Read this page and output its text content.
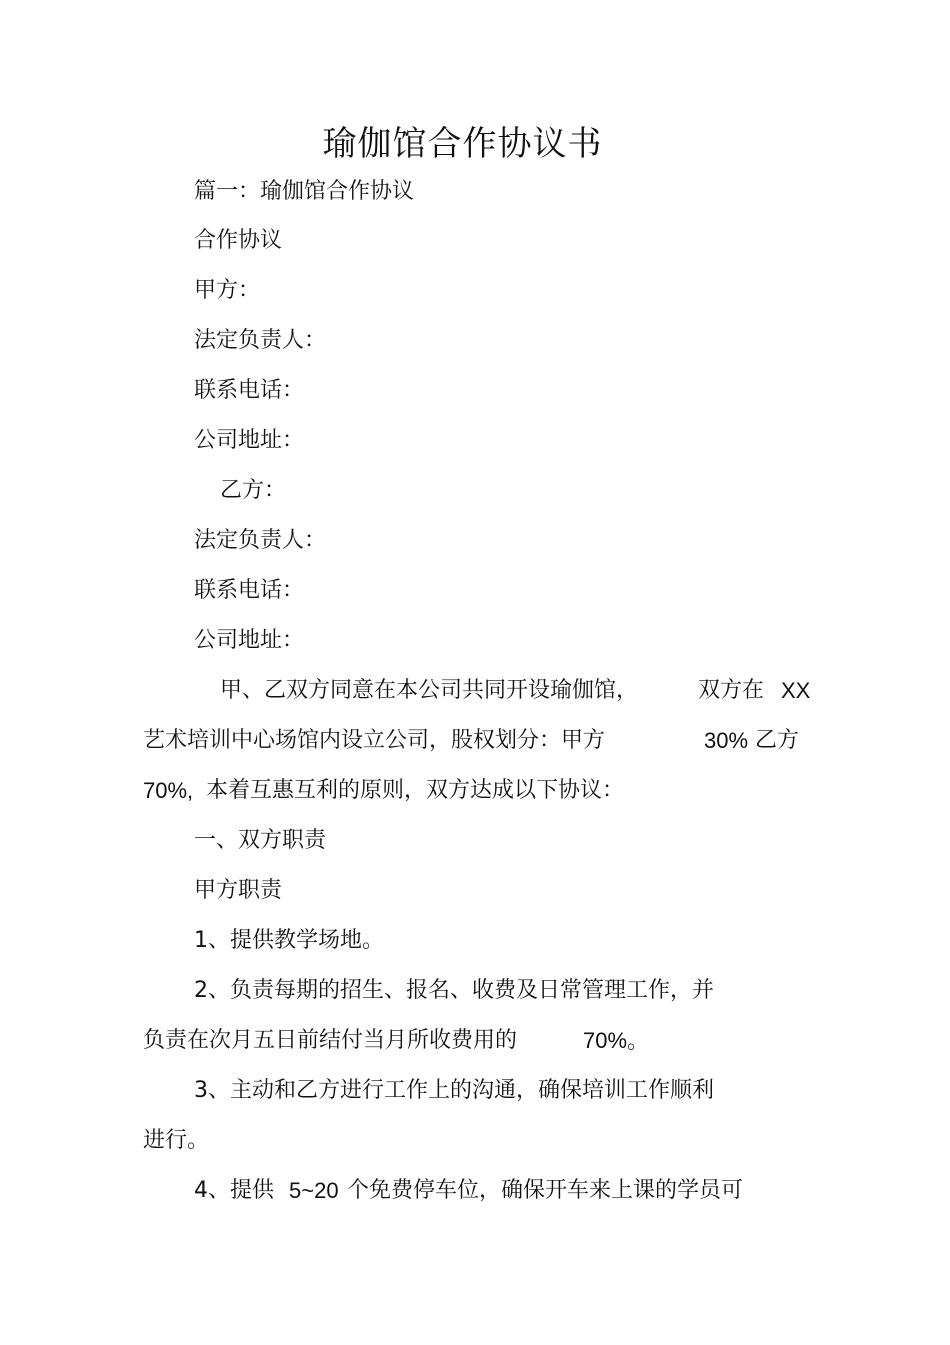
瑜伽馆合作协议书
篇一：瑜伽馆合作协议
合作协议
甲方：
法定负责人：
联系电话：
公司地址：
乙方：
法定负责人：
联系电话：
公司地址：
甲、乙双方同意在本公司共同开设瑜伽馆，	双方在 XX
艺术培训中心场馆内设立公司，股权划分：甲方	30% 乙方
70%, 本着互惠互利的原则，双方达成以下协议：
一、双方职责
甲方职责
1、提供教学场地。
2、负责每期的招生、报名、收费及日常管理工作，并
负责在次月五日前结付当月所收费用的	70%。
3、主动和乙方进行工作上的沟通，确保培训工作顺利
进行。
4、提供 5~20 个免费停车位，确保开车来上课的学员可
